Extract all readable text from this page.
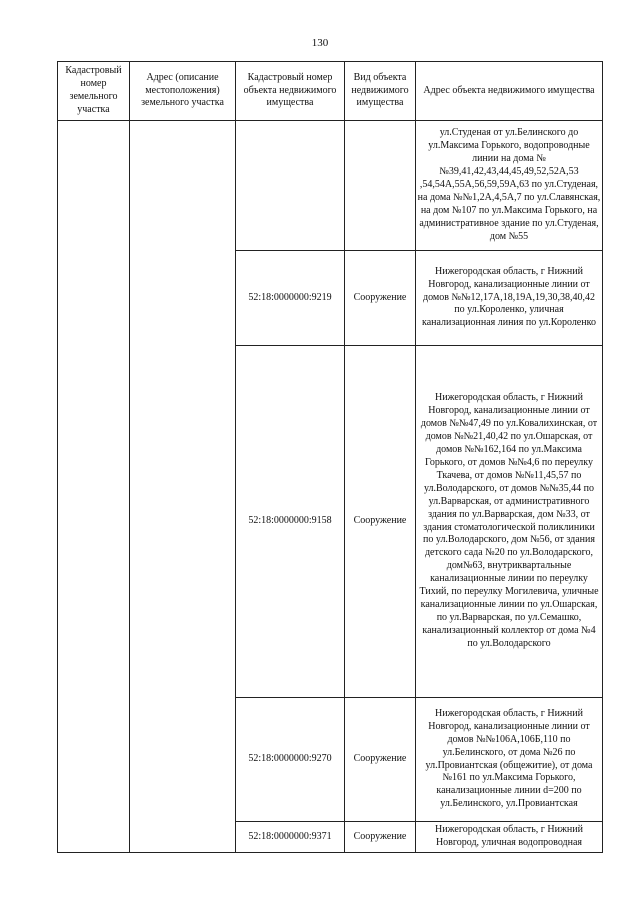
130
Кадастровый номер земельного участка	Адрес (описание местоположения) земельного участка	Кадастровый номер объекта недвижимого имущества	Вид объекта недвижимого имущества	Адрес объекта недвижимого имущества
				ул.Студеная от ул.Белинского до ул.Максима Горького, водопроводные линии на дома №№39,41,42,43,44,45,49,52,52А,53 ,54,54А,55А,56,59,59А,63 по ул.Студеная, на дома №№1,2А,4,5А,7 по ул.Славянская, на дом №107 по ул.Максима Горького, на административное здание по ул.Студеная, дом №55
		52:18:0000000:9219	Сооружение	Нижегородская область, г Нижний Новгород, канализационные линии от домов №№12,17А,18,19А,19,30,38,40,42 по ул.Короленко, уличная канализационная линия по ул.Короленко
		52:18:0000000:9158	Сооружение	Нижегородская область, г Нижний Новгород, канализационные линии от домов №№47,49 по ул.Ковалихинская, от домов №№21,40,42 по ул.Ошарская, от домов №№162,164 по ул.Максима Горького, от домов №№4,6 по переулку Ткачева, от домов №№11,45,57 по ул.Володарского, от домов №№35,44 по ул.Варварская, от административного здания по ул.Варварская, дом №33, от здания стоматологической поликлиники по ул.Володарского, дом №56, от здания детского сада №20 по ул.Володарского, дом№63, внутриквартальные канализационные линии по переулку Тихий, по переулку Могилевича, уличные канализационные линии по ул.Ошарская, по ул.Варварская, по ул.Семашко, канализационный коллектор от дома №4 по ул.Володарского
		52:18:0000000:9270	Сооружение	Нижегородская область, г Нижний Новгород, канализационные линии от домов №№106А,106Б,110 по ул.Белинского, от дома №26 по ул.Провиантская (общежитие), от дома №161 по ул.Максима Горького, канализационные линии d=200 по ул.Белинского, ул.Провиантская
		52:18:0000000:9371	Сооружение	Нижегородская область, г Нижний Новгород, уличная водопроводная
